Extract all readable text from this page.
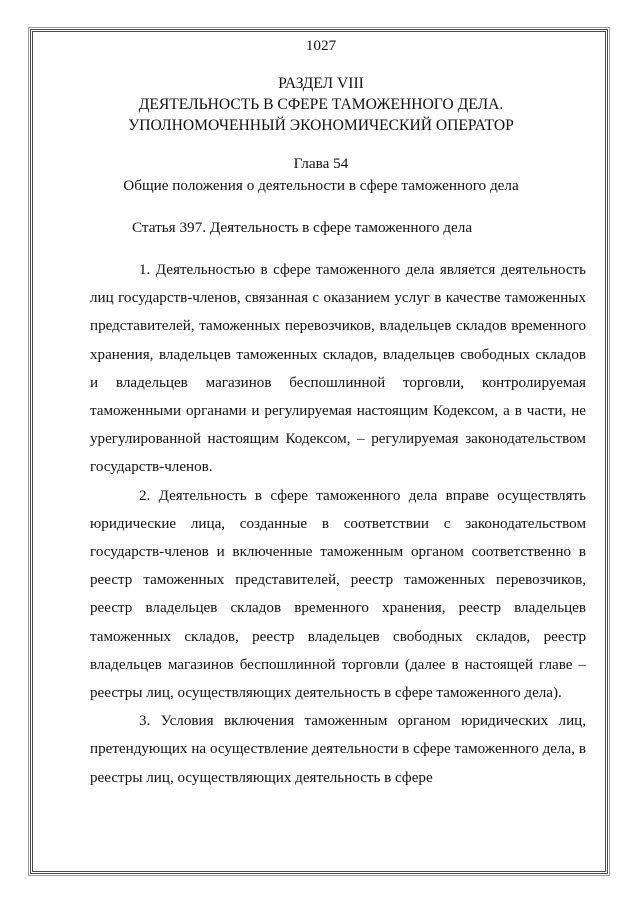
1027

РАЗДЕЛ VIII
ДЕЯТЕЛЬНОСТЬ В СФЕРЕ ТАМОЖЕННОГО ДЕЛА.
УПОЛНОМОЧЕННЫЙ ЭКОНОМИЧЕСКИЙ ОПЕРАТОР

Глава 54

Общие положения о деятельности в сфере таможенного дела

Статья 397. Деятельность в сфере таможенного дела

1. Деятельностью в сфере таможенного дела является деятельность лиц государств-членов, связанная с оказанием услуг в качестве таможенных представителей, таможенных перевозчиков, владельцев складов временного хранения, владельцев таможенных складов, владельцев свободных складов и владельцев магазинов беспошлинной торговли, контролируемая таможенными органами и регулируемая настоящим Кодексом, а в части, не урегулированной настоящим Кодексом, – регулируемая законодательством государств-членов.

2. Деятельность в сфере таможенного дела вправе осуществлять юридические лица, созданные в соответствии с законодательством государств-членов и включенные таможенным органом соответственно в реестр таможенных представителей, реестр таможенных перевозчиков, реестр владельцев складов временного хранения, реестр владельцев таможенных складов, реестр владельцев свободных складов, реестр владельцев магазинов беспошлинной торговли (далее в настоящей главе – реестры лиц, осуществляющих деятельность в сфере таможенного дела).

3. Условия включения таможенным органом юридических лиц, претендующих на осуществление деятельности в сфере таможенного дела, в реестры лиц, осуществляющих деятельность в сфере
